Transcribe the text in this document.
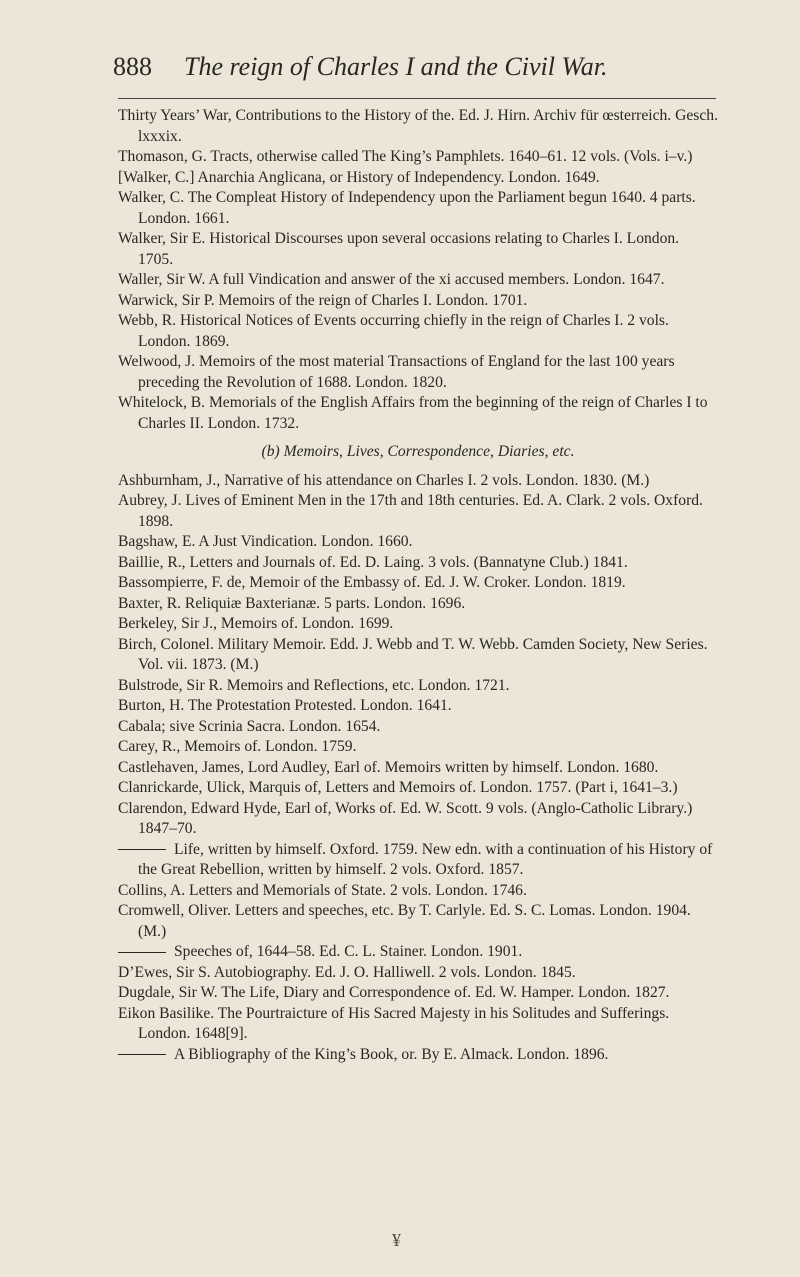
888 The reign of Charles I and the Civil War.

Thirty Years’ War, Contributions to the History of the. Ed. J. Hirn. Archiv für œsterreich. Gesch. lxxxix.

Thomason, G. Tracts, otherwise called The King’s Pamphlets. 1640–61. 12 vols. (Vols. i–v.)

[Walker, C.] Anarchia Anglicana, or History of Independency. London. 1649.

Walker, C. The Compleat History of Independency upon the Parliament begun 1640. 4 parts. London. 1661.

Walker, Sir E. Historical Discourses upon several occasions relating to Charles I. London. 1705.

Waller, Sir W. A full Vindication and answer of the xi accused members. London. 1647.

Warwick, Sir P. Memoirs of the reign of Charles I. London. 1701.

Webb, R. Historical Notices of Events occurring chiefly in the reign of Charles I. 2 vols. London. 1869.

Welwood, J. Memoirs of the most material Transactions of England for the last 100 years preceding the Revolution of 1688. London. 1820.

Whitelock, B. Memorials of the English Affairs from the beginning of the reign of Charles I to Charles II. London. 1732.

(b) Memoirs, Lives, Correspondence, Diaries, etc.

Ashburnham, J., Narrative of his attendance on Charles I. 2 vols. London. 1830. (M.)

Aubrey, J. Lives of Eminent Men in the 17th and 18th centuries. Ed. A. Clark. 2 vols. Oxford. 1898.

Bagshaw, E. A Just Vindication. London. 1660.

Baillie, R., Letters and Journals of. Ed. D. Laing. 3 vols. (Bannatyne Club.) 1841.

Bassompierre, F. de, Memoir of the Embassy of. Ed. J. W. Croker. London. 1819.

Baxter, R. Reliquiæ Baxterianæ. 5 parts. London. 1696.

Berkeley, Sir J., Memoirs of. London. 1699.

Birch, Colonel. Military Memoir. Edd. J. Webb and T. W. Webb. Camden Society, New Series. Vol. vii. 1873. (M.)

Bulstrode, Sir R. Memoirs and Reflections, etc. London. 1721.

Burton, H. The Protestation Protested. London. 1641.

Cabala; sive Scrinia Sacra. London. 1654.

Carey, R., Memoirs of. London. 1759.

Castlehaven, James, Lord Audley, Earl of. Memoirs written by himself. London. 1680.

Clanrickarde, Ulick, Marquis of, Letters and Memoirs of. London. 1757. (Part i, 1641–3.)

Clarendon, Edward Hyde, Earl of, Works of. Ed. W. Scott. 9 vols. (Anglo-Catholic Library.) 1847–70.

Life, written by himself. Oxford. 1759. New edn. with a continuation of his History of the Great Rebellion, written by himself. 2 vols. Oxford. 1857.

Collins, A. Letters and Memorials of State. 2 vols. London. 1746.

Cromwell, Oliver. Letters and speeches, etc. By T. Carlyle. Ed. S. C. Lomas. London. 1904. (M.)

Speeches of, 1644–58. Ed. C. L. Stainer. London. 1901.

D’Ewes, Sir S. Autobiography. Ed. J. O. Halliwell. 2 vols. London. 1845.

Dugdale, Sir W. The Life, Diary and Correspondence of. Ed. W. Hamper. London. 1827.

Eikon Basilike. The Pourtraicture of His Sacred Majesty in his Solitudes and Sufferings. London. 1648[9].

A Bibliography of the King’s Book, or. By E. Almack. London. 1896.

¥
